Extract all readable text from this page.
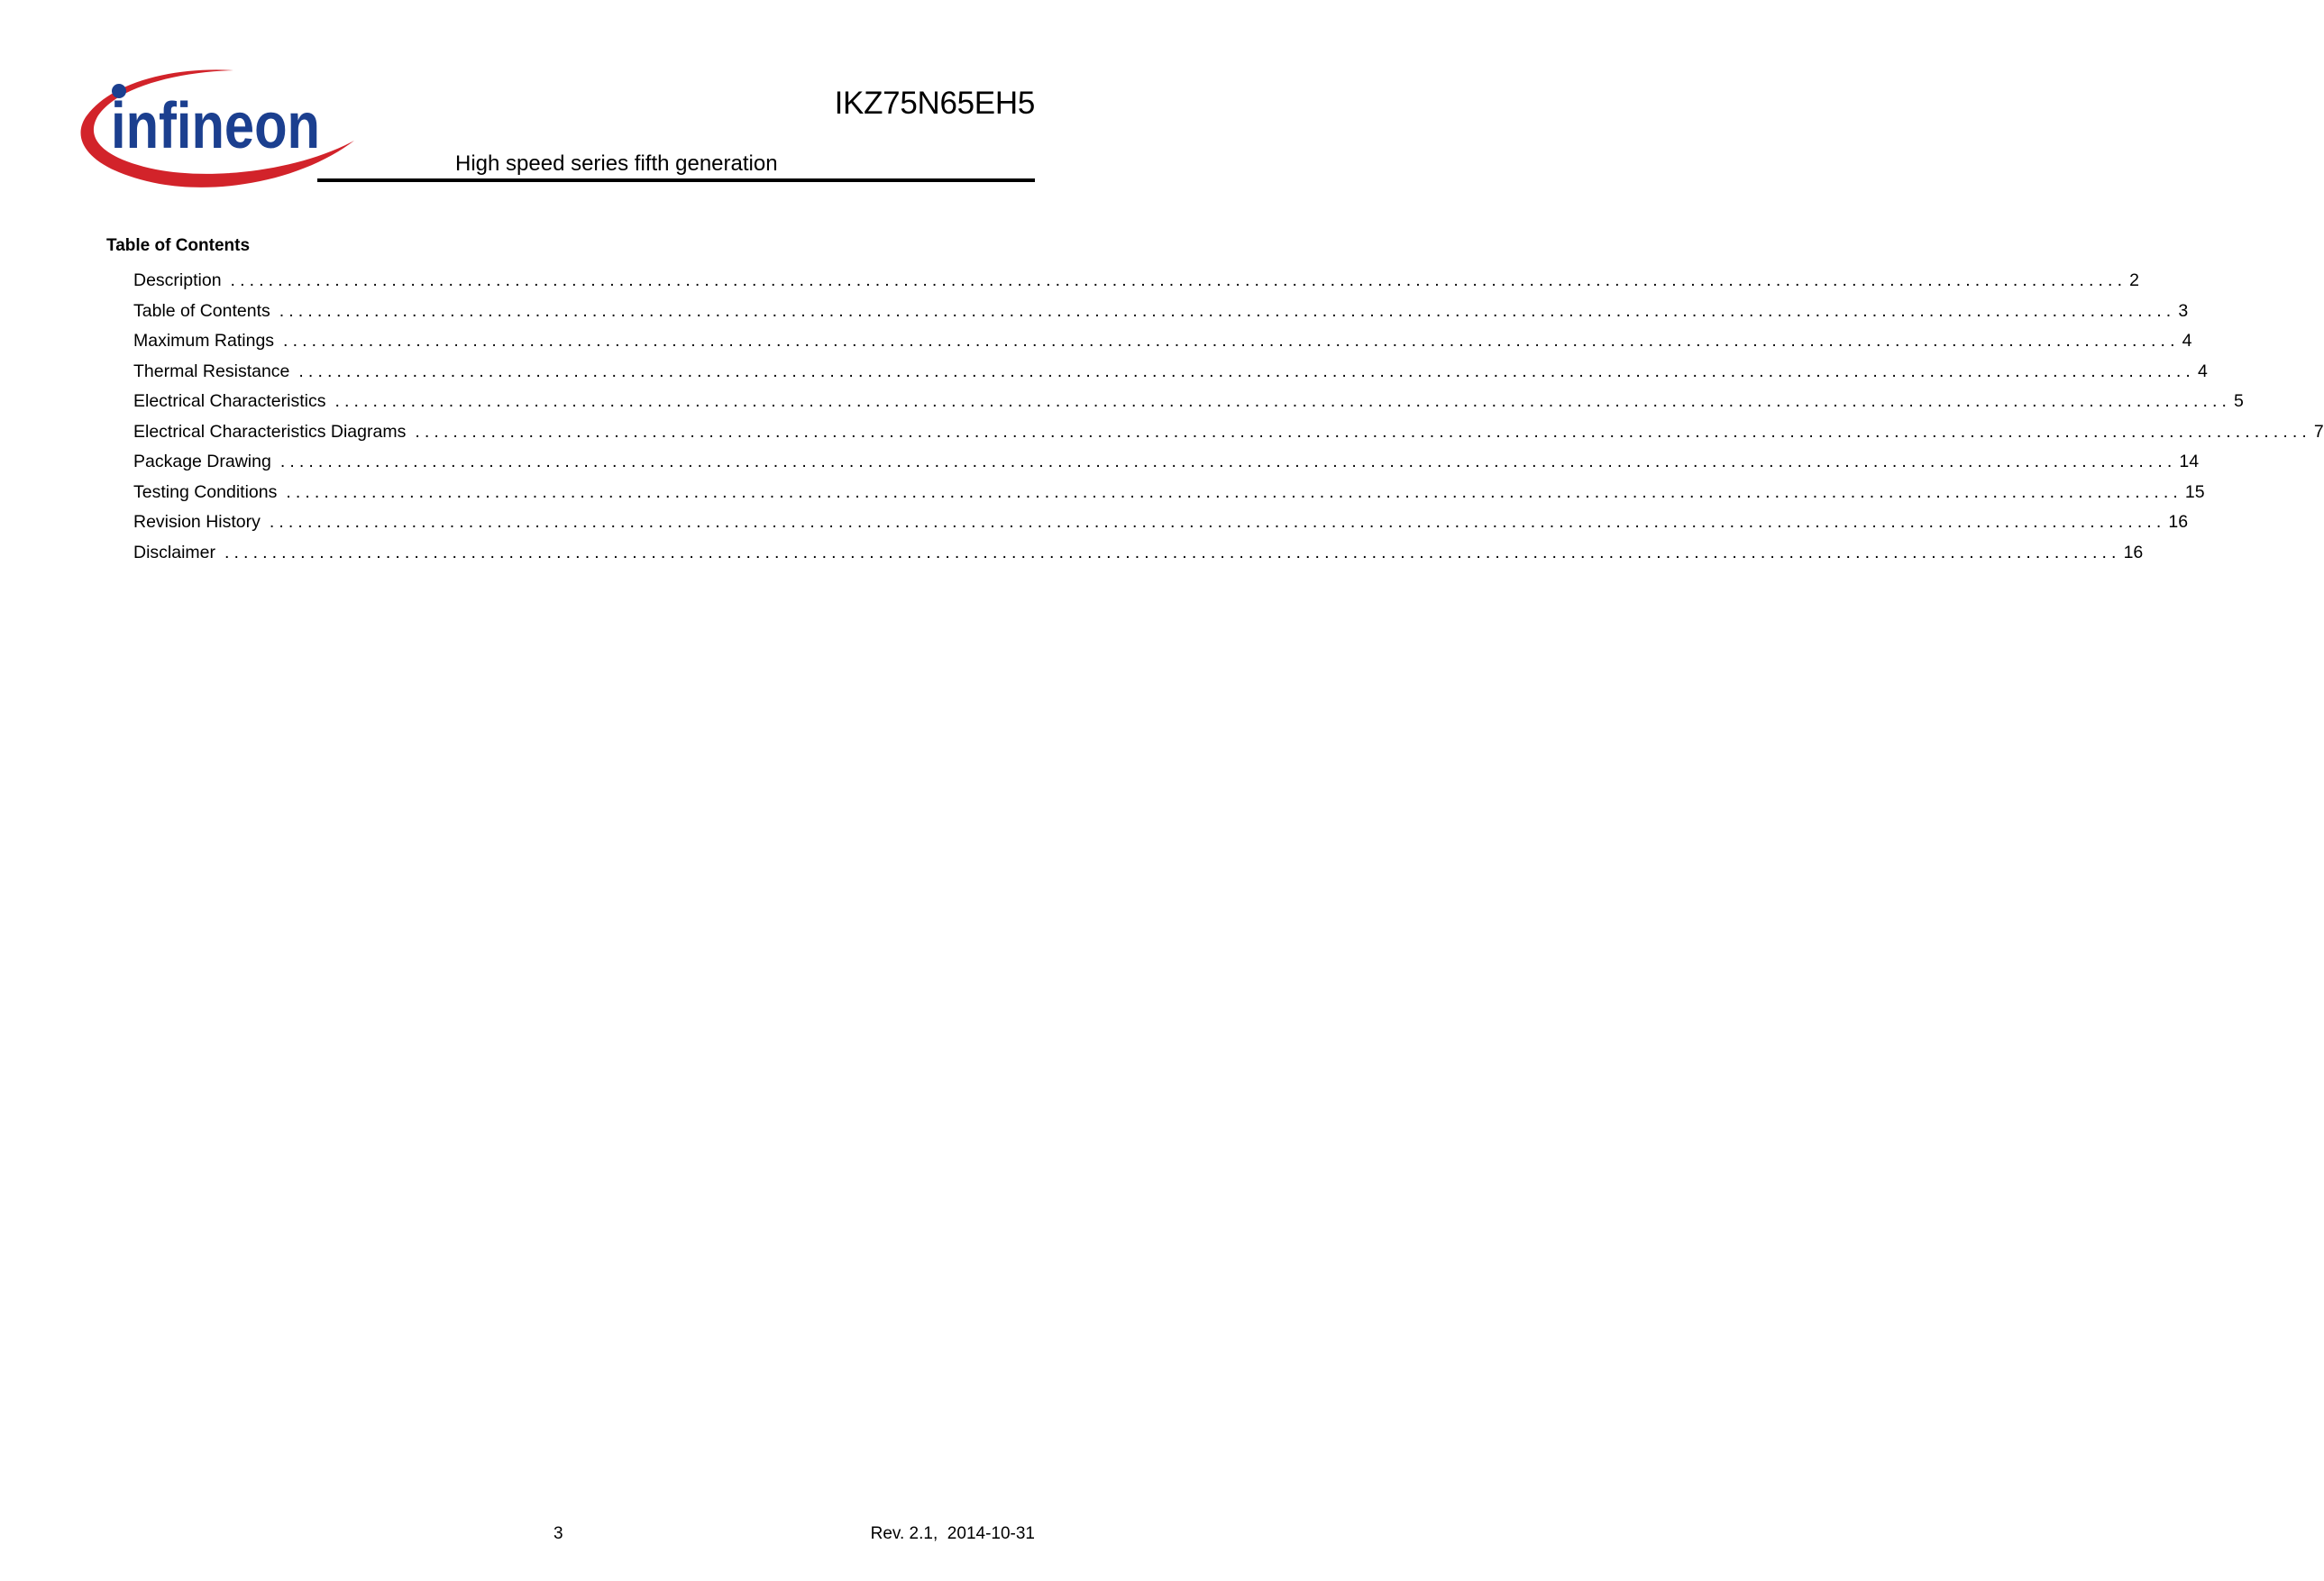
infineon	IKZ75N65EH5
High speed series fifth generation
Table of Contents
Description ........................................................................................................................................................................................................ 2
Table of Contents ........................................................................................................................................................................................................ 3
Maximum Ratings ........................................................................................................................................................................................................ 4
Thermal Resistance ........................................................................................................................................................................................................ 4
Electrical Characteristics ........................................................................................................................................................................................................ 5
Electrical Characteristics Diagrams ........................................................................................................................................................................................................ 7
Package Drawing ........................................................................................................................................................................................................ 14
Testing Conditions ........................................................................................................................................................................................................ 15
Revision History ........................................................................................................................................................................................................ 16
Disclaimer ........................................................................................................................................................................................................ 16
3	Rev. 2.1,  2014-10-31
